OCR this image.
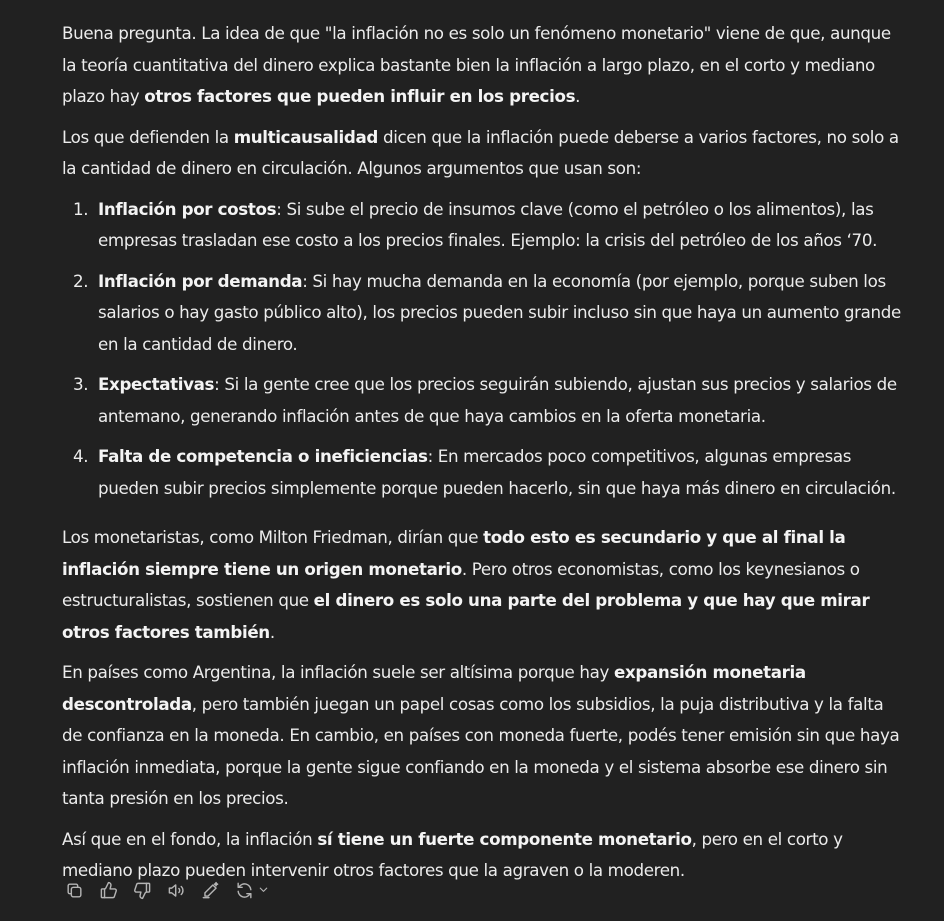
Buena pregunta. La idea de que "la inflación no es solo un fenómeno monetario" viene de que, aunque la teoría cuantitativa del dinero explica bastante bien la inflación a largo plazo, en el corto y mediano plazo hay otros factores que pueden influir en los precios.

Los que defienden la multicausalidad dicen que la inflación puede deberse a varios factores, no solo a la cantidad de dinero en circulación. Algunos argumentos que usan son:

1. Inflación por costos: Si sube el precio de insumos clave (como el petróleo o los alimentos), las empresas trasladan ese costo a los precios finales. Ejemplo: la crisis del petróleo de los años ‘70.
2. Inflación por demanda: Si hay mucha demanda en la economía (por ejemplo, porque suben los salarios o hay gasto público alto), los precios pueden subir incluso sin que haya un aumento grande en la cantidad de dinero.
3. Expectativas: Si la gente cree que los precios seguirán subiendo, ajustan sus precios y salarios de antemano, generando inflación antes de que haya cambios en la oferta monetaria.
4. Falta de competencia o ineficiencias: En mercados poco competitivos, algunas empresas pueden subir precios simplemente porque pueden hacerlo, sin que haya más dinero en circulación.

Los monetaristas, como Milton Friedman, dirían que todo esto es secundario y que al final la inflación siempre tiene un origen monetario. Pero otros economistas, como los keynesianos o estructuralistas, sostienen que el dinero es solo una parte del problema y que hay que mirar otros factores también.

En países como Argentina, la inflación suele ser altísima porque hay expansión monetaria descontrolada, pero también juegan un papel cosas como los subsidios, la puja distributiva y la falta de confianza en la moneda. En cambio, en países con moneda fuerte, podés tener emisión sin que haya inflación inmediata, porque la gente sigue confiando en la moneda y el sistema absorbe ese dinero sin tanta presión en los precios.

Así que en el fondo, la inflación sí tiene un fuerte componente monetario, pero en el corto y mediano plazo pueden intervenir otros factores que la agraven o la moderen.
